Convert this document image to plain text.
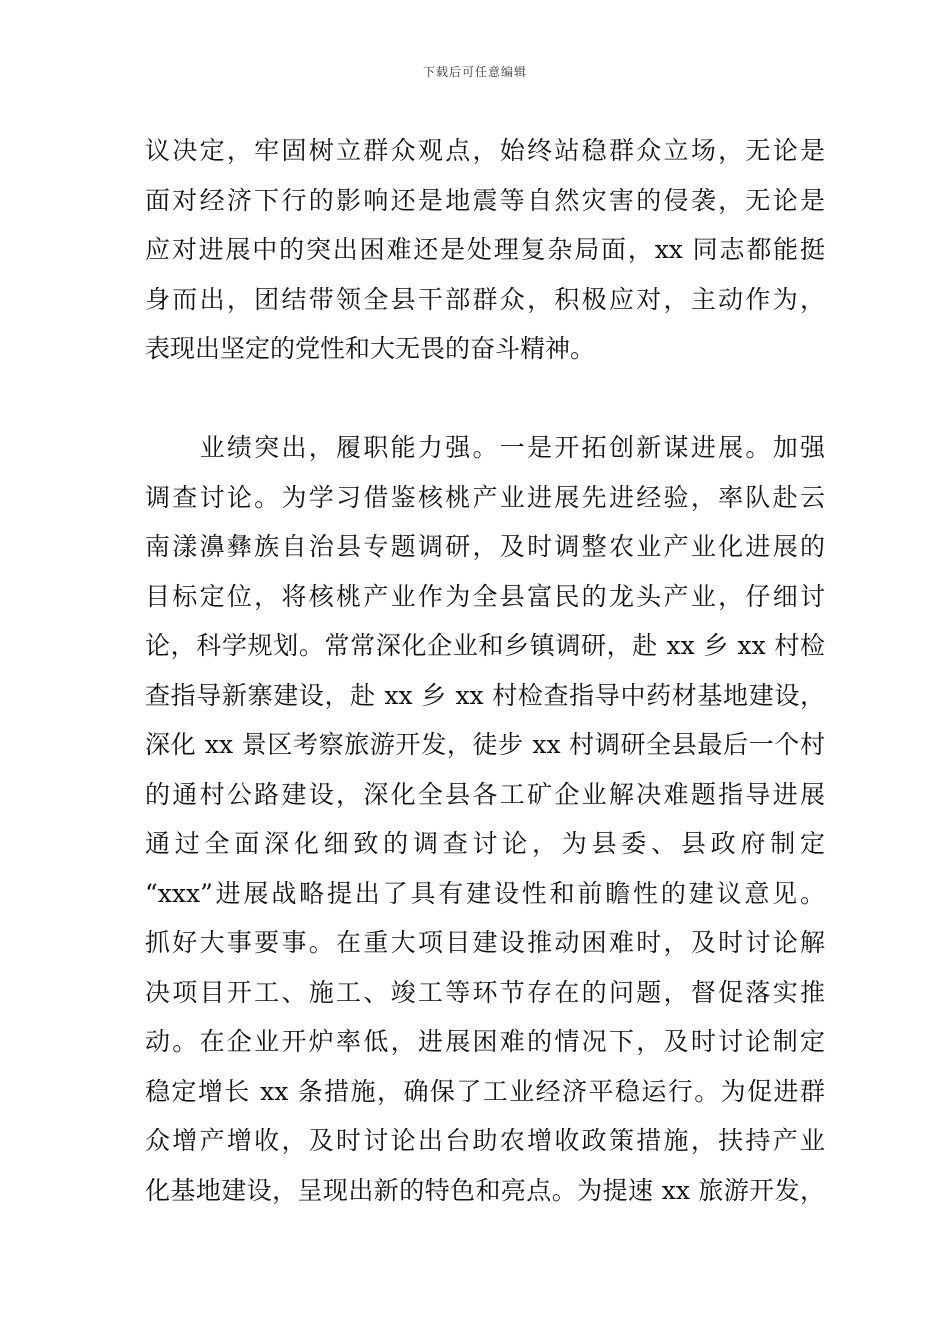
下载后可任意编辑
议决定，牢固树立群众观点，始终站稳群众立场，无论是
面对经济下行的影响还是地震等自然灾害的侵袭，无论是
应对进展中的突出困难还是处理复杂局面，xx 同志都能挺
身而出，团结带领全县干部群众，积极应对，主动作为，
表现出坚定的党性和大无畏的奋斗精神。
　　业绩突出，履职能力强。一是开拓创新谋进展。加强
调查讨论。为学习借鉴核桃产业进展先进经验，率队赴云
南漾濞彝族自治县专题调研，及时调整农业产业化进展的
目标定位，将核桃产业作为全县富民的龙头产业，仔细讨
论，科学规划。常常深化企业和乡镇调研，赴 xx 乡 xx 村检
查指导新寨建设，赴 xx 乡 xx 村检查指导中药材基地建设，
深化 xx 景区考察旅游开发，徒步 xx 村调研全县最后一个村
的通村公路建设，深化全县各工矿企业解决难题指导进展
通过全面深化细致的调查讨论，为县委、县政府制定
“xxx”进展战略提出了具有建设性和前瞻性的建议意见。
抓好大事要事。在重大项目建设推动困难时，及时讨论解
决项目开工、施工、竣工等环节存在的问题，督促落实推
动。在企业开炉率低，进展困难的情况下，及时讨论制定
稳定增长 xx 条措施，确保了工业经济平稳运行。为促进群
众增产增收，及时讨论出台助农增收政策措施，扶持产业
化基地建设，呈现出新的特色和亮点。为提速 xx 旅游开发，
